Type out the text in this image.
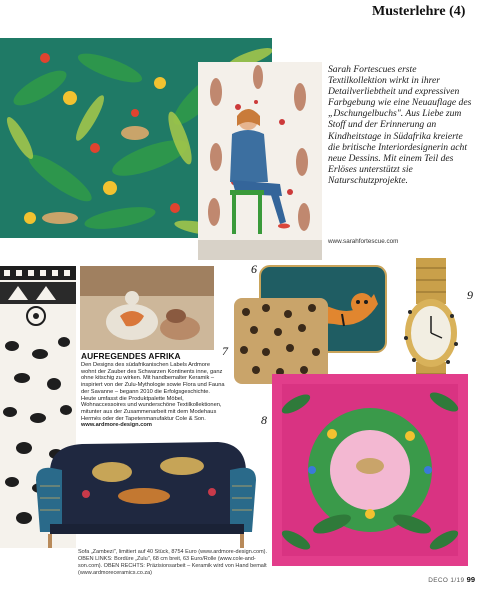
Musterlehre (4)
Sarah Fortescues erste Textilkollektion wirkt in ihrer Detailverliebtheit und expressiven Farbgebung wie eine Neuauflage des „Dschungelbuchs". Aus Liebe zum Stoff und der Erinnerung an Kindheitstage in Südafrika kreierte die britische Interiordesignerin acht neue Dessins. Mit einem Teil des Erlöses unterstützt sie Naturschutzprojekte.
www.sarahfortescue.com
AUFREGENDES AFRIKA
Den Designs des südafrikanischen Labels Ardmore wohnt der Zauber des Schwarzen Kontinents inne, ganz ohne kitschig zu wirken. Mit handbemalter Keramik – inspiriert von der Zulu-Mythologie sowie Flora und Fauna der Savanne – begann 2010 die Erfolgsgeschichte. Heute umfasst die Produktpalette Möbel, Wohnaccessoires und wunderschöne Textilkollektionen, mitunter aus der Zusammenarbeit mit dem Modehaus Hermès oder der Tapetenmanufaktur Cole & Son. www.ardmore-design.com
6
7
9
8
Sofa „Zambezi", limitiert auf 40 Stück, 8754 Euro (www.ardmore-design.com). OBEN LINKS: Bordüre „Zulu", 68 cm breit, 63 Euro/Rolle (www.cole-and-son.com). OBEN RECHTS: Präzisionsarbeit – Keramik wird von Hand bemalt (www.ardmoreceramics.co.za)
DECO 1/19 99
